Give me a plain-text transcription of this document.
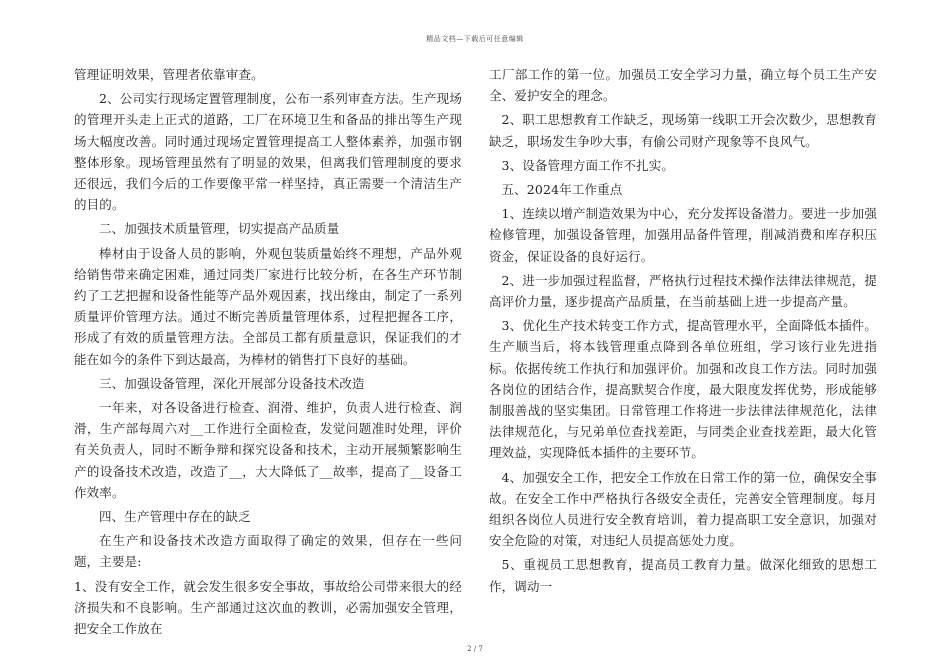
精品文档—下载后可任意编辑

管理证明效果，管理者依靠审查。

2、公司实行现场定置管理制度，公布一系列审查方法。生产现场的管理开头走上正式的道路，工厂在环境卫生和备品的排出等生产现场大幅度改善。同时通过现场定置管理提高工人整体素养，加强市钢整体形象。现场管理虽然有了明显的效果，但离我们管理制度的要求还很远，我们今后的工作要像平常一样坚持，真正需要一个清洁生产的目的。

二、加强技术质量管理，切实提高产品质量

棒材由于设备人员的影响，外观包装质量始终不理想，产品外观给销售带来确定困难，通过同类厂家进行比较分析，在各生产环节制约了工艺把握和设备性能等产品外观因素，找出缘由，制定了一系列质量评价管理方法。通过不断完善质量管理体系，过程把握各工序，形成了有效的质量管理方法。全部员工都有质量意识，保证我们的才能在如今的条件下到达最高，为棒材的销售打下良好的基础。

三、加强设备管理，深化开展部分设备技术改造

一年来，对各设备进行检查、润滑、维护，负责人进行检查、润滑，生产部每周六对__工作进行全面检查，发觉问题准时处理，评价有关负责人，同时不断争辩和探究设备和技术，主动开展频繁影响生产的设备技术改造，改造了__，大大降低了__故率，提高了__设备工作效率。

四、生产管理中存在的缺乏

在生产和设备技术改造方面取得了确定的效果，但存在一些问题，主要是:

1、没有安全工作，就会发生很多安全事故，事故给公司带来很大的经济损失和不良影响。生产部通过这次血的教训，必需加强安全管理，把安全工作放在

工厂部工作的第一位。加强员工安全学习力量，确立每个员工生产安全、爱护安全的理念。

2、职工思想教育工作缺乏，现场第一线职工开会次数少，思想教育缺乏，职场发生争吵大事，有偷公司财产现象等不良风气。

3、设备管理方面工作不扎实。

五、2024年工作重点

1、连续以增产制造效果为中心，充分发挥设备潜力。要进一步加强检修管理，加强设备管理，加强用品备件管理，削减消费和库存积压资金，保证设备的良好运行。

2、进一步加强过程监督，严格执行过程技术操作法律法律规范，提高评价力量，逐步提高产品质量，在当前基础上进一步提高产量。

3、优化生产技术转变工作方式，提高管理水平，全面降低本插件。生产顺当后，将本钱管理重点降到各单位班组，学习该行业先进指标。依据传统工作执行和加强评价。加强和改良工作方法。同时加强各岗位的团结合作，提高默契合作度，最大限度发挥优势，形成能够制服善战的坚实集团。日常管理工作将进一步法律法律规范化，法律法律规范化，与兄弟单位查找差距，与同类企业查找差距，最大化管理效益，实现降低本插件的主要环节。

4、加强安全工作，把安全工作放在日常工作的第一位，确保安全事故。在安全工作中严格执行各级安全责任，完善安全管理制度。每月组织各岗位人员进行安全教育培训，着力提高职工安全意识，加强对安全危险的对策，对违纪人员提高惩处力度。

5、重视员工思想教育，提高员工教育力量。做深化细致的思想工作，调动一

2 / 7
